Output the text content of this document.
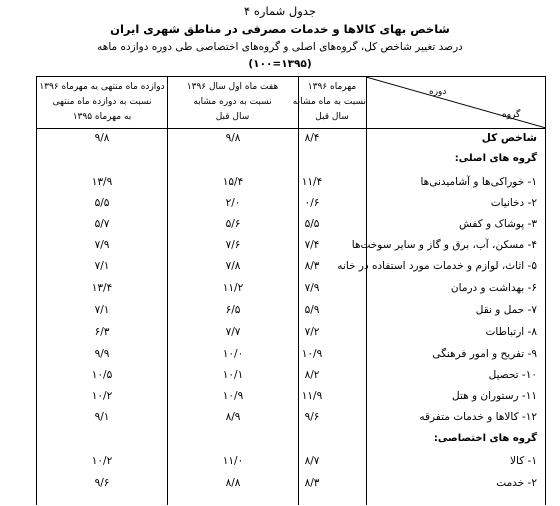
جدول شماره ۴
شاخص بهای کالاها و خدمات مصرفی در مناطق شهری ایران
درصد تغییر شاخص کل، گروه‌های اصلی و گروه‌های اختصاصی طی دوره دوازده ماهه
(۱۳۹۵=۱۰۰)
دوازده ماه منتهی به مهرماه ۱۳۹۶
نسبت به دوازده ماه منتهی
به مهرماه ۱۳۹۵
هفت ماه اول سال ۱۳۹۶
نسبت به دوره مشابه
سال قبل
مهرماه ۱۳۹۶
نسبت به ماه مشابه
سال قبل
دوره
گروه
شاخص کل
۸/۴
۹/۸
۹/۸
گروه های اصلی:
۱- خوراکی‌ها و آشامیدنی‌ها
۱۱/۴
۱۵/۴
۱۳/۹
۲- دخانیات
۰/۶
۲/۰
۵/۵
۳- پوشاک و کفش
۵/۵
۵/۶
۵/۷
۴- مسکن، آب، برق و گاز و سایر سوخت‌ها
۷/۴
۷/۶
۷/۹
۵- اثاث، لوازم و خدمات مورد استفاده در خانه
۸/۳
۷/۸
۷/۱
۶- بهداشت و درمان
۷/۹
۱۱/۲
۱۳/۴
۷- حمل و نقل
۵/۹
۶/۵
۷/۱
۸- ارتباطات
۷/۲
۷/۷
۶/۳
۹- تفریح و امور فرهنگی
۱۰/۹
۱۰/۰
۹/۹
۱۰- تحصیل
۸/۲
۱۰/۱
۱۰/۵
۱۱- رستوران و هتل
۱۱/۹
۱۰/۹
۱۰/۲
۱۲- کالاها و خدمات متفرقه
۹/۶
۸/۹
۹/۱
گروه های اختصاصی:
۱- کالا
۸/۷
۱۱/۰
۱۰/۲
۲- خدمت
۸/۳
۸/۸
۹/۶
